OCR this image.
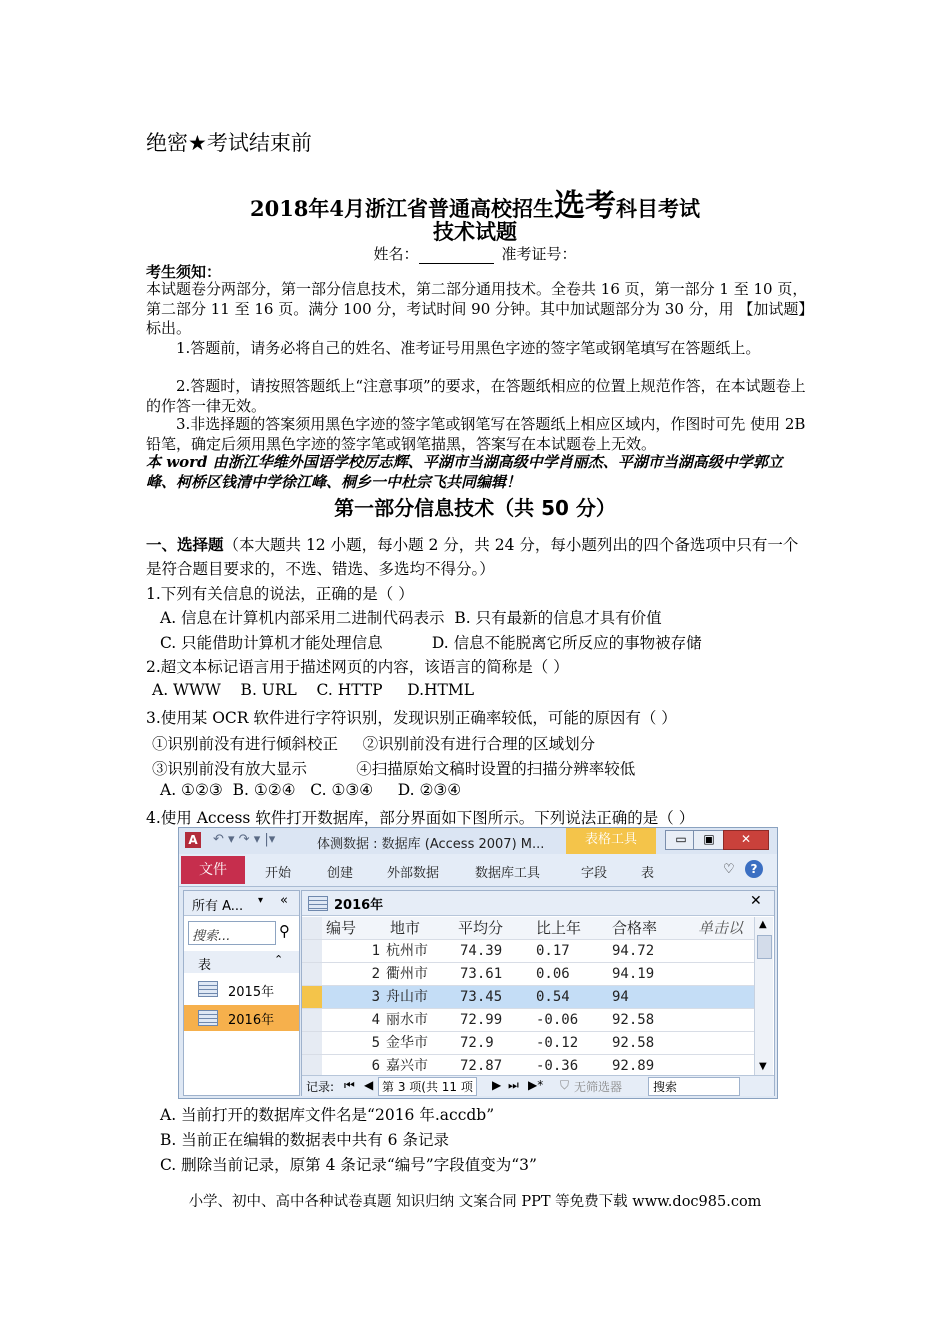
绝密★考试结束前
2018年4月浙江省普通高校招生选考科目考试
技术试题
姓名：	准考证号：
考生须知：
本试题卷分两部分，第一部分信息技术，第二部分通用技术。全卷共 16 页，第一部分 1 至 10 页，第二部分 11 至 16 页。满分 100 分，考试时间 90 分钟。其中加试题部分为 30 分，用 【加试题】标出。
1.答题前，请务必将自己的姓名、准考证号用黑色字迹的签字笔或钢笔填写在答题纸上。
2.答题时，请按照答题纸上“注意事项”的要求，在答题纸相应的位置上规范作答，在本试题卷上的作答一律无效。
3.非选择题的答案须用黑色字迹的签字笔或钢笔写在答题纸上相应区域内，作图时可先 使用 2B 铅笔，确定后须用黑色字迹的签字笔或钢笔描黑，答案写在本试题卷上无效。
本 word 由浙江华维外国语学校厉志辉、平湖市当湖高级中学肖丽杰、平湖市当湖高级中学郭立峰、柯桥区钱清中学徐江峰、桐乡一中杜宗飞共同编辑！
第一部分信息技术（共 50 分）
一、选择题（本大题共 12 小题，每小题 2 分，共 24 分，每小题列出的四个备选项中只有一个是符合题目要求的，不选、错选、多选均不得分。）
1.下列有关信息的说法，正确的是（ ）
A. 信息在计算机内部采用二进制代码表示  B. 只有最新的信息才具有价值
C. 只能借助计算机才能处理信息          D. 信息不能脱离它所反应的事物被存储
2.超文本标记语言用于描述网页的内容，该语言的简称是（ ）
A. WWW    B. URL    C. HTTP     D.HTML
3.使用某 OCR 软件进行字符识别，发现识别正确率较低，可能的原因有（ ）
①识别前没有进行倾斜校正     ②识别前没有进行合理的区域划分
③识别前没有放大显示          ④扫描原始文稿时设置的扫描分辨率较低
A. ①②③  B. ①②④   C. ①③④     D. ②③④
4.使用 Access 软件打开数据库，部分界面如下图所示。下列说法正确的是（ ）
A ↶ ▾ ↷ ▾ |▾	体测数据 : 数据库 (Access 2007) M...	表格工具	▭	▣	✕
文件	开始	创建	外部数据	数据库工具	字段	表	♡	?
所有 A... ▾ «
搜索...	⚲
表	⌃
2015年
2016年
2016年	✕
编号 地市	平均分 比上年 合格率	单击以
1 杭州市 74.39 0.17	94.72
2 衢州市 73.61 0.06	94.19
3 舟山市 73.45 0.54	94
4 丽水市 72.99 -0.06 92.58
5 金华市 72.9	-0.12 92.58
6 嘉兴市 72.87 -0.36 92.89
▲
▼
记录: ⏮ ◀ 第 3 项(共 11 项	▶ ⏭ ▶* ⛉ 无筛选器	搜索
A. 当前打开的数据库文件名是“2016 年.accdb”
B. 当前正在编辑的数据表中共有 6 条记录
C. 删除当前记录，原第 4 条记录“编号”字段值变为“3”
小学、初中、高中各种试卷真题 知识归纳 文案合同 PPT 等免费下载 www.doc985.com
